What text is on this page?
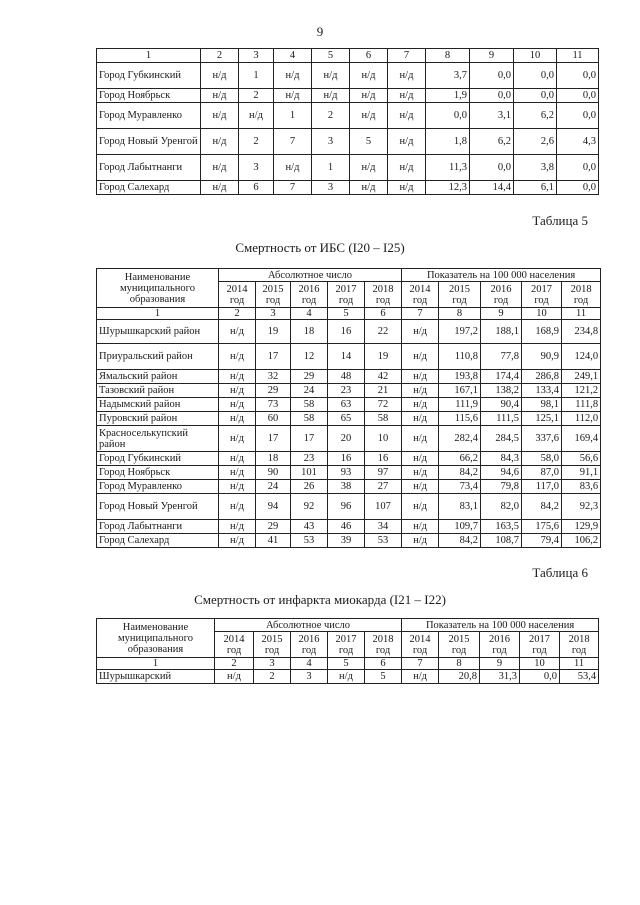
9
1	2	3	4	5	6	7	8	9	10	11
Город Губкинский	н/д	1	н/д	н/д	н/д	н/д	3,7	0,0	0,0	0,0
Город Ноябрьск	н/д	2	н/д	н/д	н/д	н/д	1,9	0,0	0,0	0,0
Город Муравленко	н/д	н/д	1	2	н/д	н/д	0,0	3,1	6,2	0,0
Город Новый Уренгой	н/д	2	7	3	5	н/д	1,8	6,2	2,6	4,3
Город Лабытнанги	н/д	3	н/д	1	н/д	н/д	11,3	0,0	3,8	0,0
Город Салехард	н/д	6	7	3	н/д	н/д	12,3	14,4	6,1	0,0
Таблица 5
Смертность от ИБС (I20 – I25)
Наименование муниципального образования	Абсолютное число					Показатель на 100 000 населения				
	2014 год	2015 год	2016 год	2017 год	2018 год	2014 год	2015 год	2016 год	2017 год	2018 год
1	2	3	4	5	6	7	8	9	10	11
Шурышкарский район	н/д	19	18	16	22	н/д	197,2	188,1	168,9	234,8
Приуральский район	н/д	17	12	14	19	н/д	110,8	77,8	90,9	124,0
Ямальский район	н/д	32	29	48	42	н/д	193,8	174,4	286,8	249,1
Тазовский район	н/д	29	24	23	21	н/д	167,1	138,2	133,4	121,2
Надымский район	н/д	73	58	63	72	н/д	111,9	90,4	98,1	111,8
Пуровский район	н/д	60	58	65	58	н/д	115,6	111,5	125,1	112,0
Красноселькупский район	н/д	17	17	20	10	н/д	282,4	284,5	337,6	169,4
Город Губкинский	н/д	18	23	16	16	н/д	66,2	84,3	58,0	56,6
Город Ноябрьск	н/д	90	101	93	97	н/д	84,2	94,6	87,0	91,1
Город Муравленко	н/д	24	26	38	27	н/д	73,4	79,8	117,0	83,6
Город Новый Уренгой	н/д	94	92	96	107	н/д	83,1	82,0	84,2	92,3
Город Лабытнанги	н/д	29	43	46	34	н/д	109,7	163,5	175,6	129,9
Город Салехард	н/д	41	53	39	53	н/д	84,2	108,7	79,4	106,2
Таблица 6
Смертность от инфаркта миокарда (I21 – I22)
Наименование муниципального образования	Абсолютное число					Показатель на 100 000 населения				
	2014 год	2015 год	2016 год	2017 год	2018 год	2014 год	2015 год	2016 год	2017 год	2018 год
1	2	3	4	5	6	7	8	9	10	11
Шурышкарский	н/д	2	3	н/д	5	н/д	20,8	31,3	0,0	53,4
